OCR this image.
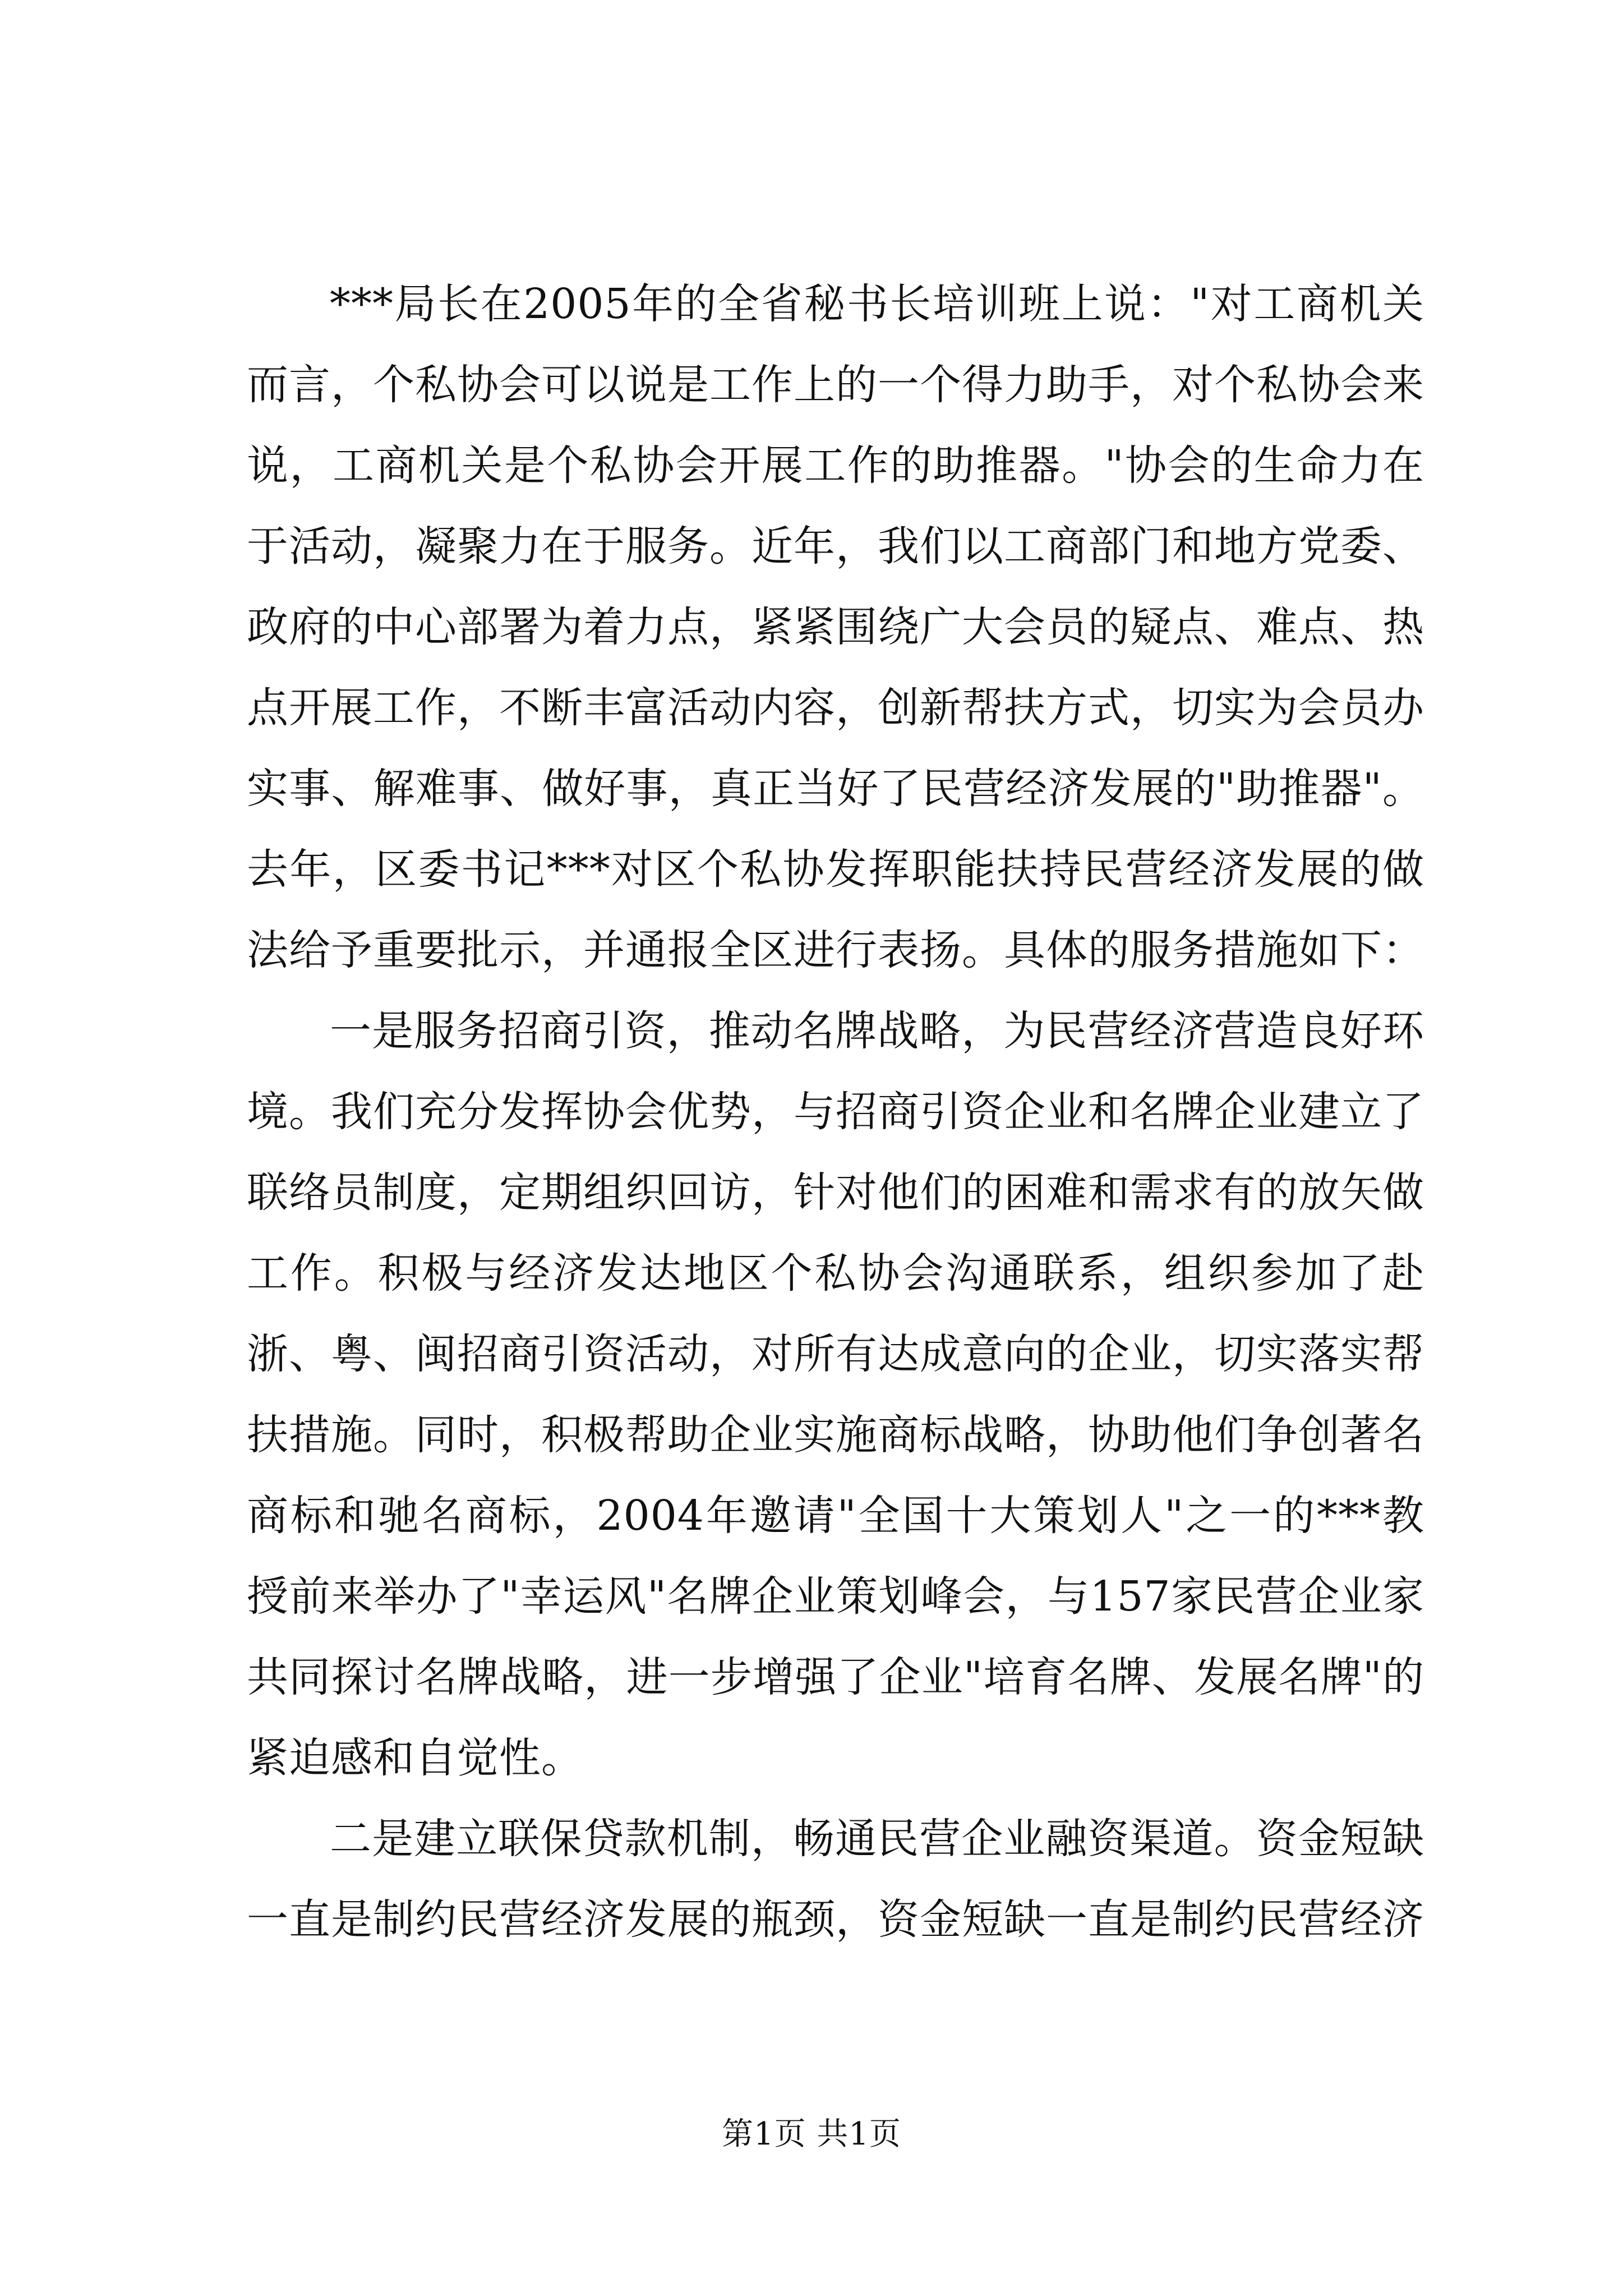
***局长在2005年的全省秘书长培训班上说："对工商机关而言，个私协会可以说是工作上的一个得力助手，对个私协会来说，工商机关是个私协会开展工作的助推器。"协会的生命力在于活动，凝聚力在于服务。近年，我们以工商部门和地方党委、政府的中心部署为着力点，紧紧围绕广大会员的疑点、难点、热点开展工作，不断丰富活动内容，创新帮扶方式，切实为会员办实事、解难事、做好事，真正当好了民营经济发展的"助推器"。去年，区委书记***对区个私协发挥职能扶持民营经济发展的做法给予重要批示，并通报全区进行表扬。具体的服务措施如下：

一是服务招商引资，推动名牌战略，为民营经济营造良好环境。我们充分发挥协会优势，与招商引资企业和名牌企业建立了联络员制度，定期组织回访，针对他们的困难和需求有的放矢做工作。积极与经济发达地区个私协会沟通联系，组织参加了赴浙、粤、闽招商引资活动，对所有达成意向的企业，切实落实帮扶措施。同时，积极帮助企业实施商标战略，协助他们争创著名商标和驰名商标，2004年邀请"全国十大策划人"之一的***教授前来举办了"幸运风"名牌企业策划峰会，与157家民营企业家共同探讨名牌战略，进一步增强了企业"培育名牌、发展名牌"的紧迫感和自觉性。

二是建立联保贷款机制，畅通民营企业融资渠道。资金短缺一直是制约民营经济发展的瓶颈，资金短缺一直是制约民营经济

第1页 共1页
